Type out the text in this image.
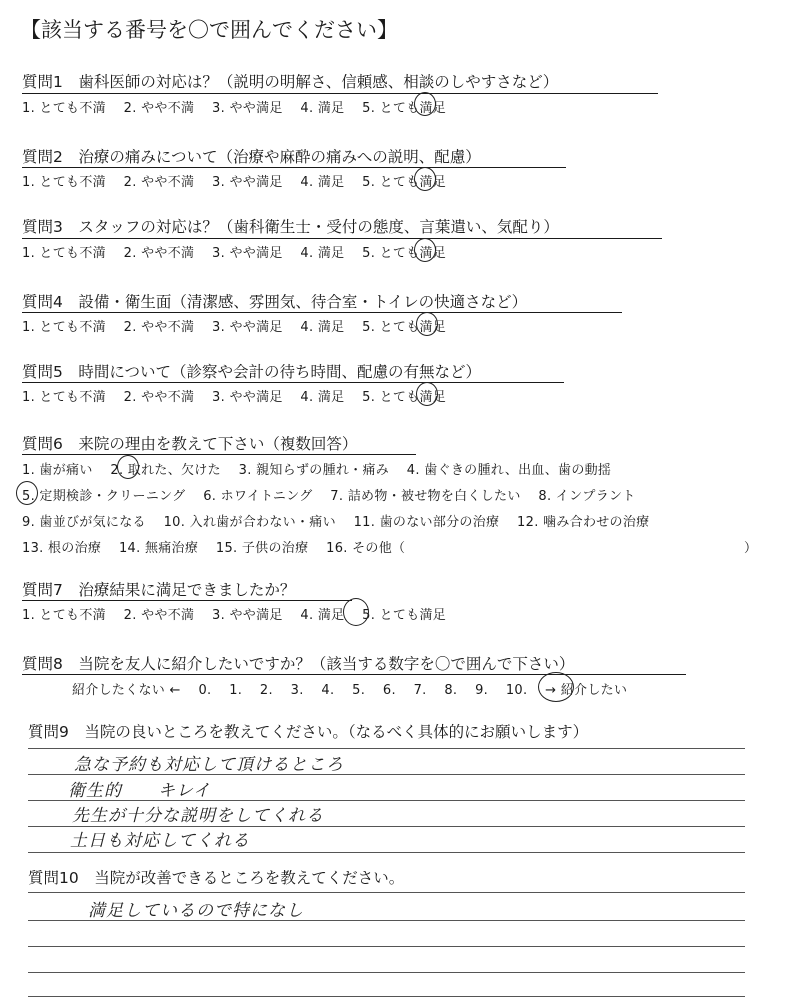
【該当する番号を〇で囲んでください】
質問1　歯科医師の対応は？（説明の明解さ、信頼感、相談のしやすさなど）
1. とても不満　 2. やや不満　 3. やや満足　 4. 満足　 5. とても満足
質問2　治療の痛みについて（治療や麻酔の痛みへの説明、配慮）
1. とても不満　 2. やや不満　 3. やや満足　 4. 満足　 5. とても満足
質問3　スタッフの対応は？（歯科衛生士・受付の態度、言葉遣い、気配り）
1. とても不満　 2. やや不満　 3. やや満足　 4. 満足　 5. とても満足
質問4　設備・衛生面（清潔感、雰囲気、待合室・トイレの快適さなど）
1. とても不満　 2. やや不満　 3. やや満足　 4. 満足　 5. とても満足
質問5　時間について（診察や会計の待ち時間、配慮の有無など）
1. とても不満　 2. やや不満　 3. やや満足　 4. 満足　 5. とても満足
質問6　来院の理由を教えて下さい（複数回答）
1. 歯が痛い　 2. 取れた、欠けた　 3. 親知らずの腫れ・痛み　 4. 歯ぐきの腫れ、出血、歯の動揺
5. 定期検診・クリーニング　 6. ホワイトニング　 7. 詰め物・被せ物を白くしたい　 8. インプラント
9. 歯並びが気になる　 10. 入れ歯が合わない・痛い　 11. 歯のない部分の治療　 12. 噛み合わせの治療
13. 根の治療　 14. 無痛治療　 15. 子供の治療　 16. その他（	）
質問7　治療結果に満足できましたか？
1. とても不満　 2. やや不満　 3. やや満足　 4. 満足　 5. とても満足
質問8　当院を友人に紹介したいですか？（該当する数字を〇で囲んで下さい）
紹介したくない ←　 0.　 1.　 2.　 3.　 4.　 5.　 6.　 7.　 8.　 9.　 10.　 → 紹介したい
質問9　当院の良いところを教えてください。（なるべく具体的にお願いします）
急な予約も対応して頂けるところ
衛生的　　キレイ
先生が十分な説明をしてくれる
土日も対応してくれる
質問10　当院が改善できるところを教えてください。
満足しているので特になし
